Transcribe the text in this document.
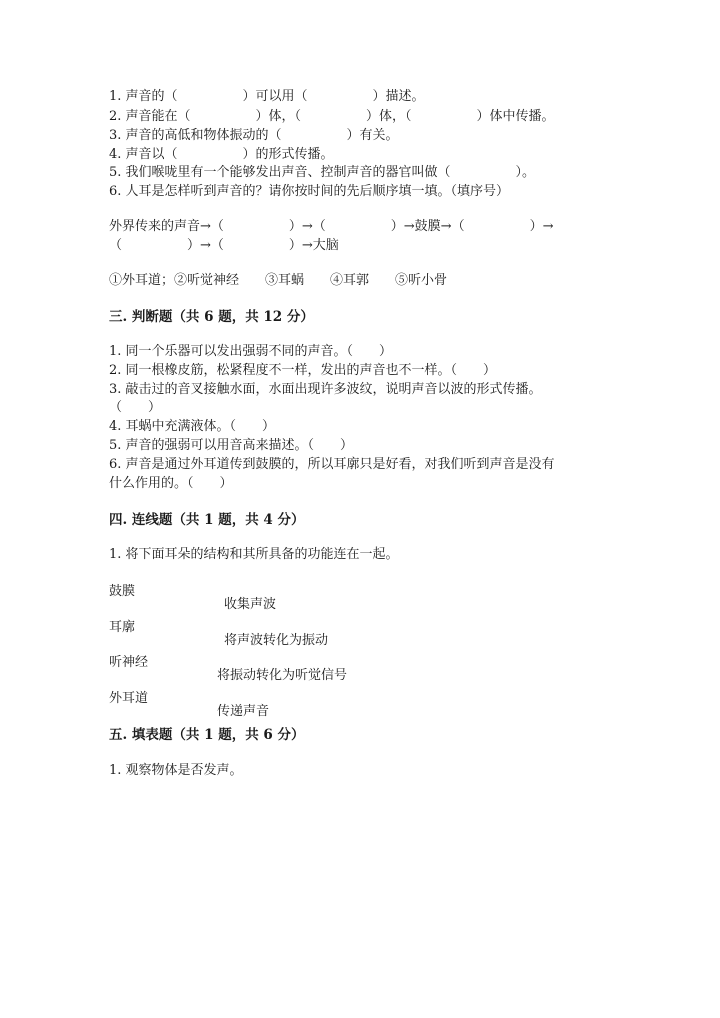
1. 声音的（　　　　　）可以用（　　　　　）描述。

2. 声音能在（　　　　　）体，（　　　　　）体，（　　　　　）体中传播。

3. 声音的高低和物体振动的（　　　　　）有关。

4. 声音以（　　　　　）的形式传播。

5. 我们喉咙里有一个能够发出声音、控制声音的器官叫做（　　　　　）。

6. 人耳是怎样听到声音的？请你按时间的先后顺序填一填。（填序号）

外界传来的声音→（　　　　　）→（　　　　　）→鼓膜→（　　　　　）→

（　　　　　）→（　　　　　）→大脑

①外耳道；②听觉神经　　③耳蜗　　④耳郭　　⑤听小骨

三. 判断题（共 6 题，共 12 分）

1. 同一个乐器可以发出强弱不同的声音。（　　）

2. 同一根橡皮筋，松紧程度不一样，发出的声音也不一样。（　　）

3. 敲击过的音叉接触水面，水面出现许多波纹，说明声音以波的形式传播。

（　　）

4. 耳蜗中充满液体。（　　）

5. 声音的强弱可以用音高来描述。（　　）

6. 声音是通过外耳道传到鼓膜的，所以耳廓只是好看，对我们听到声音是没有

什么作用的。（　　）

四. 连线题（共 1 题，共 4 分）

1. 将下面耳朵的结构和其所具备的功能连在一起。

鼓膜

收集声波

耳廓

将声波转化为振动

听神经

将振动转化为听觉信号

外耳道

传递声音

五. 填表题（共 1 题，共 6 分）

1. 观察物体是否发声。
